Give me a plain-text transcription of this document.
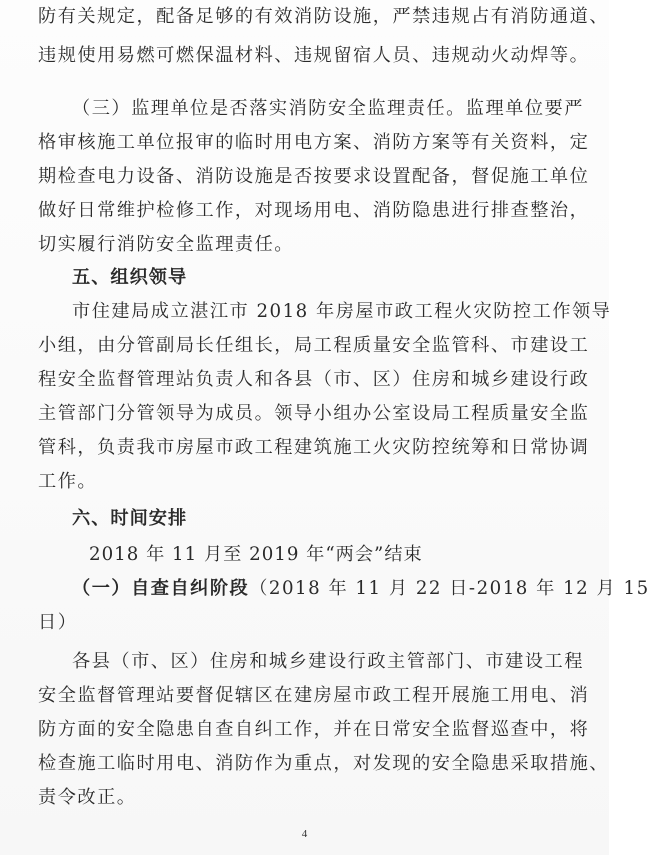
防有关规定，配备足够的有效消防设施，严禁违规占有消防通道、
违规使用易燃可燃保温材料、违规留宿人员、违规动火动焊等。
（三）监理单位是否落实消防安全监理责任。监理单位要严
格审核施工单位报审的临时用电方案、消防方案等有关资料，定
期检查电力设备、消防设施是否按要求设置配备，督促施工单位
做好日常维护检修工作，对现场用电、消防隐患进行排查整治，
切实履行消防安全监理责任。
五、组织领导
市住建局成立湛江市 2018 年房屋市政工程火灾防控工作领导
小组，由分管副局长任组长，局工程质量安全监管科、市建设工
程安全监督管理站负责人和各县（市、区）住房和城乡建设行政
主管部门分管领导为成员。领导小组办公室设局工程质量安全监
管科，负责我市房屋市政工程建筑施工火灾防控统筹和日常协调
工作。
六、时间安排
2018 年 11 月至 2019 年“两会”结束
（一）自查自纠阶段（2018 年 11 月 22 日-2018 年 12 月 15
日）
各县（市、区）住房和城乡建设行政主管部门、市建设工程
安全监督管理站要督促辖区在建房屋市政工程开展施工用电、消
防方面的安全隐患自查自纠工作，并在日常安全监督巡查中，将
检查施工临时用电、消防作为重点，对发现的安全隐患采取措施、
责令改正。
4
